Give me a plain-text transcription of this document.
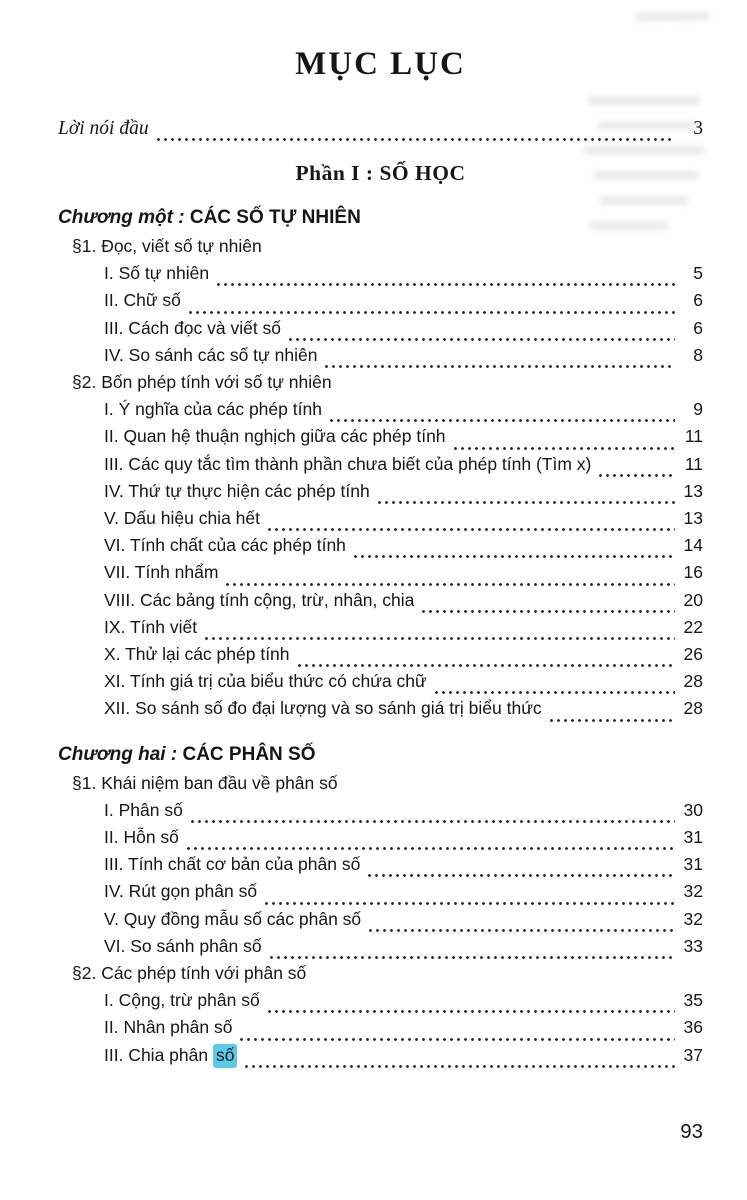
MỤC LỤC
Lời nói đầu	3
Phần I : SỐ HỌC
Chương một : CÁC SỐ TỰ NHIÊN
§1. Đọc, viết số tự nhiên
I. Số tự nhiên	5
II. Chữ số	6
III. Cách đọc và viết số	6
IV. So sánh các số tự nhiên	8
§2. Bốn phép tính với số tự nhiên
I. Ý nghĩa của các phép tính	9
II. Quan hệ thuận nghịch giữa các phép tính	11
III. Các quy tắc tìm thành phần chưa biết của phép tính (Tìm x)	11
IV. Thứ tự thực hiện các phép tính	13
V. Dấu hiệu chia hết	13
VI. Tính chất của các phép tính	14
VII. Tính nhẩm	16
VIII. Các bảng tính cộng, trừ, nhân, chia	20
IX. Tính viết	22
X. Thử lại các phép tính	26
XI. Tính giá trị của biểu thức có chứa chữ	28
XII. So sánh số đo đại lượng và so sánh giá trị biểu thức	28
Chương hai : CÁC PHÂN SỐ
§1. Khái niệm ban đầu về phân số
I. Phân số	30
II. Hỗn số	31
III. Tính chất cơ bản của phân số	31
IV. Rút gọn phân số	32
V. Quy đồng mẫu số các phân số	32
VI. So sánh phân số	33
§2. Các phép tính với phân số
I. Cộng, trừ phân số	35
II. Nhân phân số	36
III. Chia phân số	37
93
